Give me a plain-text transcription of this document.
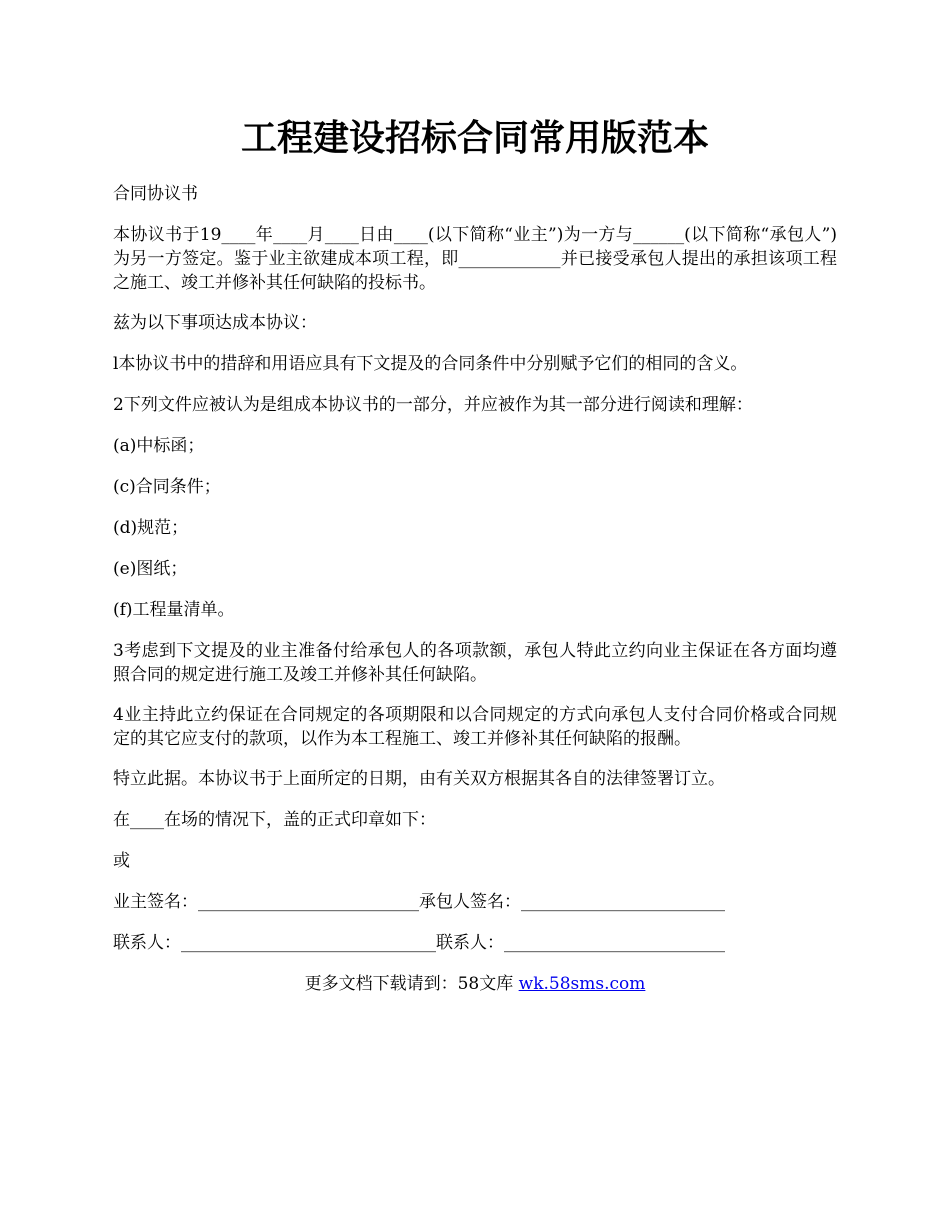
工程建设招标合同常用版范本

合同协议书

本协议书于19____年____月____日由____(以下简称“业主”)为一方与______(以下简称“承包人”)为另一方签定。鉴于业主欲建成本项工程，即____________并已接受承包人提出的承担该项工程之施工、竣工并修补其任何缺陷的投标书。

兹为以下事项达成本协议：

l本协议书中的措辞和用语应具有下文提及的合同条件中分别赋予它们的相同的含义。

2下列文件应被认为是组成本协议书的一部分，并应被作为其一部分进行阅读和理解：

(a)中标函；

(c)合同条件；

(d)规范；

(e)图纸；

(f)工程量清单。

3考虑到下文提及的业主准备付给承包人的各项款额，承包人特此立约向业主保证在各方面均遵照合同的规定进行施工及竣工并修补其任何缺陷。

4业主持此立约保证在合同规定的各项期限和以合同规定的方式向承包人支付合同价格或合同规定的其它应支付的款项，以作为本工程施工、竣工并修补其任何缺陷的报酬。

特立此据。本协议书于上面所定的日期，由有关双方根据其各自的法律签署订立。

在____在场的情况下，盖的正式印章如下：

或

业主签名：__________________________承包人签名：________________________

联系人：______________________________联系人：__________________________

更多文档下载请到：58文库 wk.58sms.com
